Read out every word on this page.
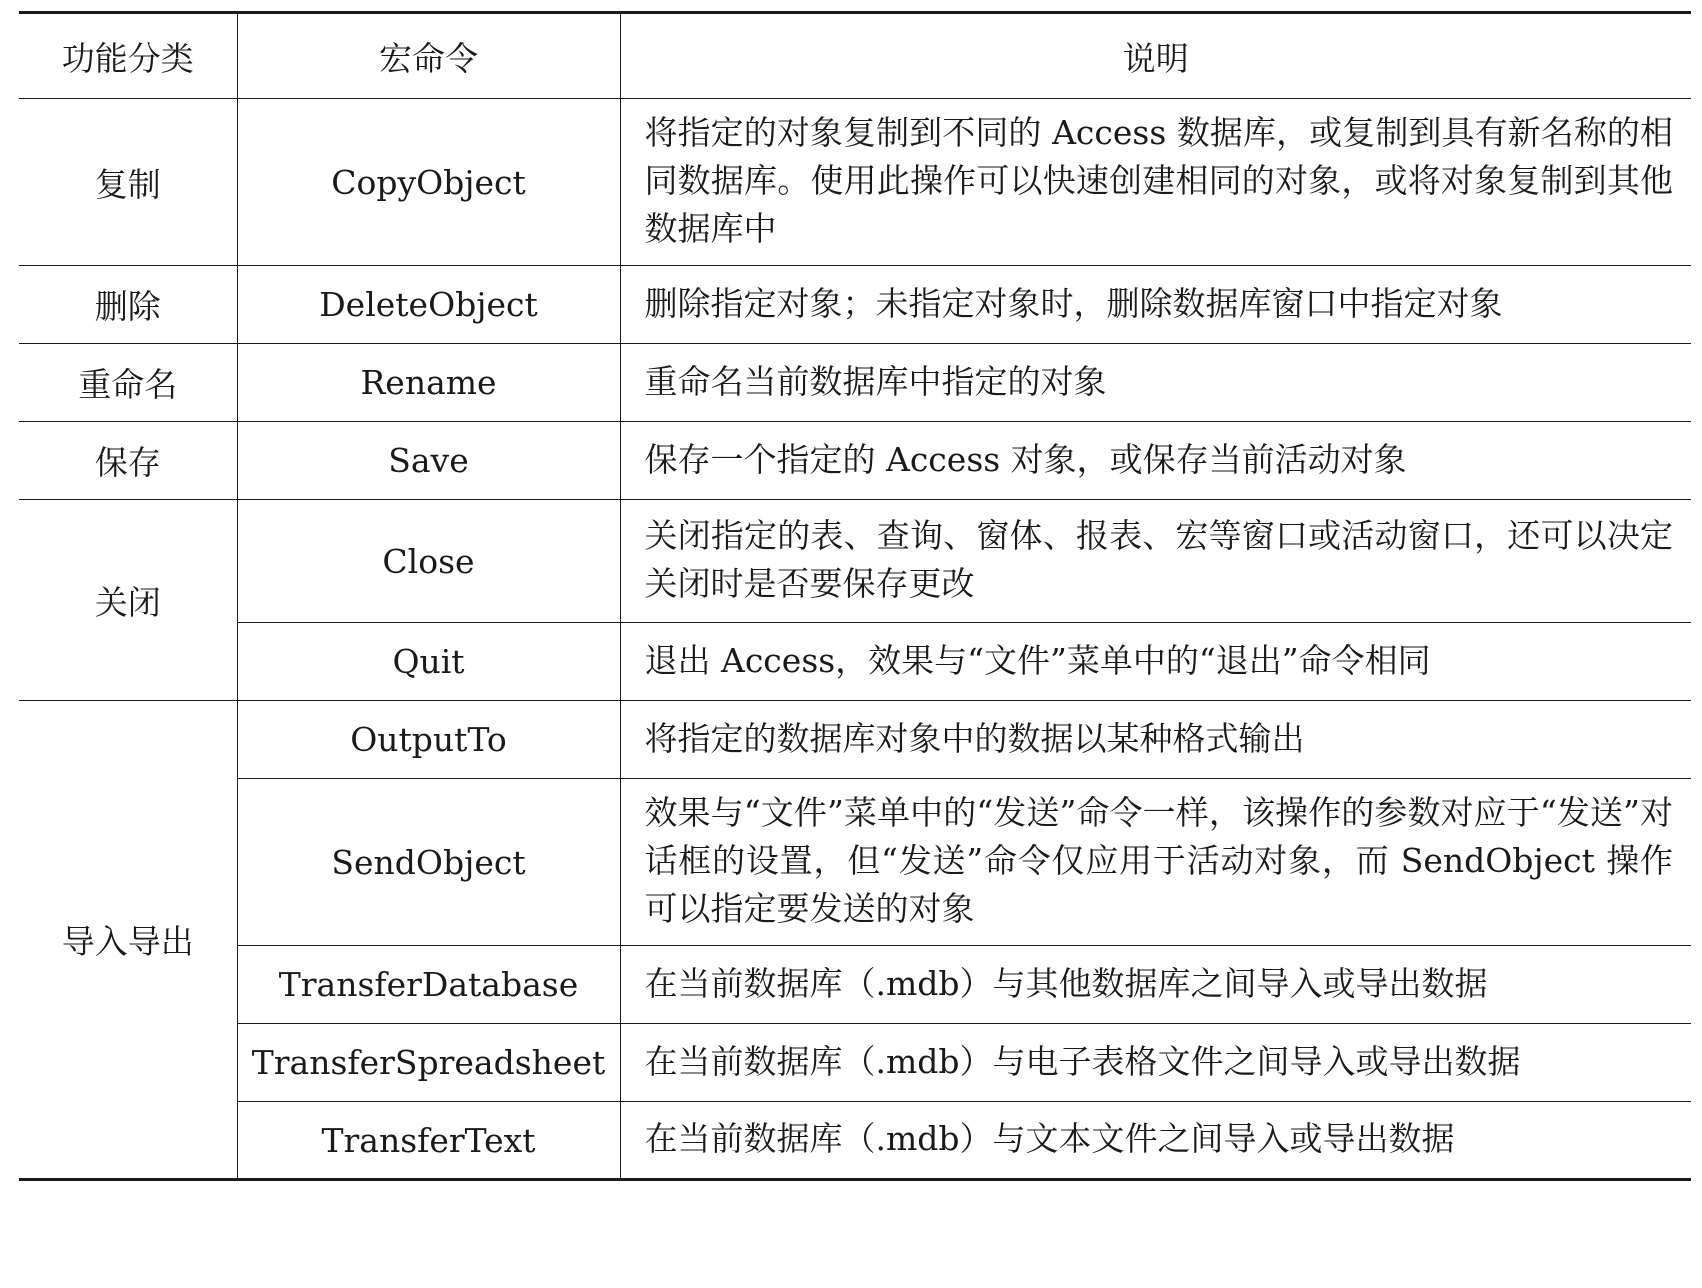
功能分类	宏命令	说明
复制	CopyObject	将指定的对象复制到不同的 Access 数据库，或复制到具有新名称的相同数据库。使用此操作可以快速创建相同的对象，或将对象复制到其他数据库中
删除	DeleteObject	删除指定对象；未指定对象时，删除数据库窗口中指定对象
重命名	Rename	重命名当前数据库中指定的对象
保存	Save	保存一个指定的 Access 对象，或保存当前活动对象
关闭	Close	关闭指定的表、查询、窗体、报表、宏等窗口或活动窗口，还可以决定关闭时是否要保存更改
	Quit	退出 Access，效果与“文件”菜单中的“退出”命令相同
导入导出	OutputTo	将指定的数据库对象中的数据以某种格式输出
	SendObject	效果与“文件”菜单中的“发送”命令一样，该操作的参数对应于“发送”对话框的设置，但“发送”命令仅应用于活动对象，而 SendObject 操作可以指定要发送的对象
	TransferDatabase	在当前数据库（.mdb）与其他数据库之间导入或导出数据
	TransferSpreadsheet	在当前数据库（.mdb）与电子表格文件之间导入或导出数据
	TransferText	在当前数据库（.mdb）与文本文件之间导入或导出数据
